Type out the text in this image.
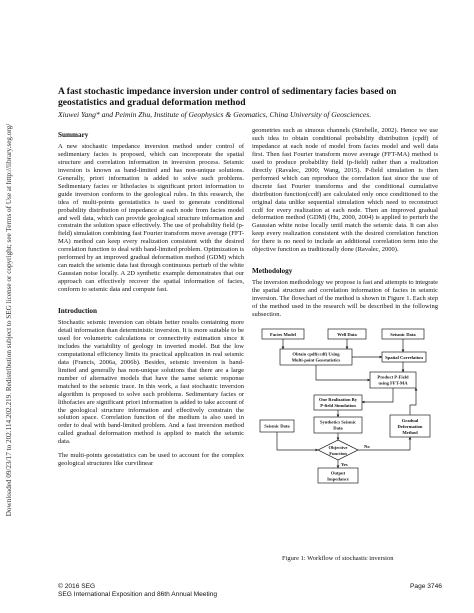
Downloaded 09/23/17 to 202.114.202.219. Redistribution subject to SEG license or copyright; see Terms of Use at http://library.seg.org/
A fast stochastic impedance inversion under control of sedimentary facies based on geostatistics and gradual deformation method
Xiuwei Yang* and Peimin Zhu, Institute of Geophysics & Geomatics, China University of Geosciences.
Summary

A new stochastic impedance inversion method under control of sedimentary facies is proposed, which can incorporate the spatial structure and correlation information in inversion process. Seismic inversion is known as band-limited and has non-unique solutions. Generally, priori information is added to solve such problems. Sedimentary facies or lithofacies is significant priori information to guide inversion conform to the geological rules. In this research, the idea of multi-points geostatistics is used to generate conditional probability distribution of impedance at each node from facies model and well data, which can provide geological structure information and constrain the solution space effectively. The use of probability field (p-field) simulation combining fast Fourier transform move average (FFT-MA) method can keep every realization consistent with the desired correlation function to deal with band-limited problem. Optimization is performed by an improved gradual deformation method (GDM) which can match the seismic data fast through continuous perturb of the white Gaussian noise locally. A 2D synthetic example demonstrates that our approach can effectively recover the spatial information of facies, conform to seismic data and compute fast.

Introduction

Stochastic seismic inversion can obtain better results containing more detail information than deterministic inversion. It is more suitable to be used for volumetric calculations or connectivity estimation since it includes the variability of geology in inverted model. But the low computational efficiency limits its practical application in real seismic data (Francis, 2006a, 2006b). Besides, seismic inversion is band-limited and generally has non-unique solutions that there are a large number of alternative models that have the same seismic response matched to the seismic trace. In this work, a fast stochastic inversion algorithm is proposed to solve such problems. Sedimentary facies or lithofacies are significant priori information is added to take account of the geological structure information and effectively constrain the solution space. Correlation function of the medium is also used in order to deal with band-limited problem. And a fast inversion method called gradual deformation method is applied to match the seismic data.

The multi-points geostatistics can be used to account for the complex geological structures like curvilinear

geometries such as sinuous channels (Strebelle, 2002). Hence we use such idea to obtain conditional probability distribution (cpdf) of impedance at each node of model from facies model and well data first. Then fast Fourier transform move average (FFT-MA) method is used to produce probability field (p-field) rather than a realization directly (Ravalec, 2000; Wang, 2015). P-field simulation is then performed which can reproduce the correlation fast since the use of discrete fast Fourier transforms and the conditional cumulative distribution function(ccdf) are calculated only once conditioned to the original data unlike sequential simulation which need to reconstruct ccdf for every realization at each node. Then an improved gradual deformation method (GDM) (Hu, 2000, 2004) is applied to perturb the Gaussian white noise locally until match the seismic data. It can also keep every realization consistent with the desired correlation function for there is no need to include an additional correlation term into the objective function as traditionally done (Ravalec, 2000).

Methodology

The inversion methodology we propose is fast and attempts to integrate the spatial structure and correlation information of facies in seismic inversion. The flowchart of the method is shown in Figure 1. Each step of the method used in the research will be described in the following subsection.

Facies Model	Well Data	Seismic Data
Obtain cpdf(ccdf) Using
Multi-point Geostatistics	Spatial Correlation
Product P-Field
using FFT-MA
One Realization By
P-field Simulation
Seismic Data
Synthetics Seismic
Data
Gradual
Deformation
Method
Objective
Function
Yes
No
Output
Impedance
Figure 1: Workflow of stochastic inversion
© 2016 SEG
SEG International Exposition and 86th Annual Meeting
Page 3746
